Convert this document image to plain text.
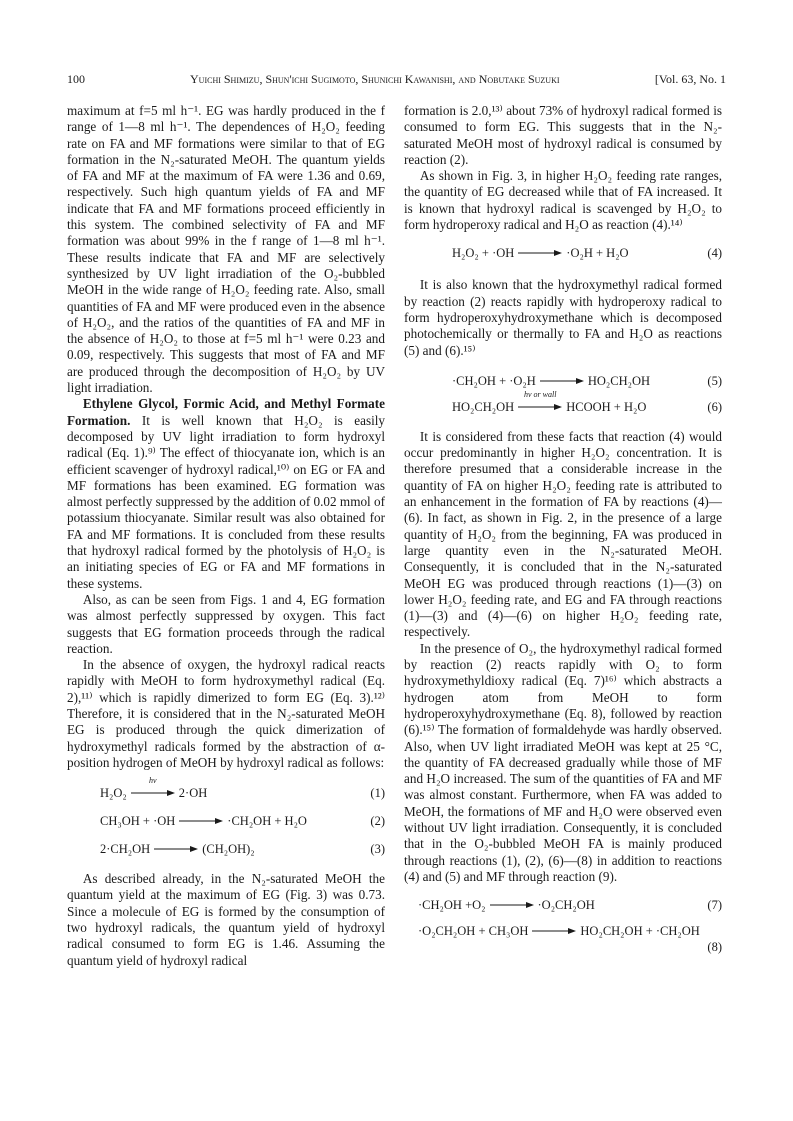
100	Yuichi Shimizu, Shun'ichi Sugimoto, Shunichi Kawanishi, and Nobutake Suzuki	[Vol. 63, No. 1

maximum at f=5 ml h⁻¹. EG was hardly produced in the f range of 1—8 ml h⁻¹. The dependences of H₂O₂ feeding rate on FA and MF formations were similar to that of EG formation in the N₂-saturated MeOH. The quantum yields of FA and MF at the maximum of FA were 1.36 and 0.69, respectively. Such high quantum yields of FA and MF indicate that FA and MF formations proceed efficiently in this system. The combined selectivity of FA and MF formation was about 99% in the f range of 1—8 ml h⁻¹. These results indicate that FA and MF are selectively synthesized by UV light irradiation of the O₂-bubbled MeOH in the wide range of H₂O₂ feeding rate. Also, small quantities of FA and MF were produced even in the absence of H₂O₂, and the ratios of the quantities of FA and MF in the absence of H₂O₂ to those at f=5 ml h⁻¹ were 0.23 and 0.09, respectively. This suggests that most of FA and MF are produced through the decomposition of H₂O₂ by UV light irradiation.

Ethylene Glycol, Formic Acid, and Methyl Formate Formation. It is well known that H₂O₂ is easily decomposed by UV light irradiation to form hydroxyl radical (Eq. 1).⁹⁾ The effect of thiocyanate ion, which is an efficient scavenger of hydroxyl radical,¹⁰⁾ on EG or FA and MF formations has been examined. EG formation was almost perfectly suppressed by the addition of 0.02 mmol of potassium thiocyanate. Similar result was also obtained for FA and MF formations. It is concluded from these results that hydroxyl radical formed by the photolysis of H₂O₂ is an initiating species of EG or FA and MF formations in these systems.

Also, as can be seen from Figs. 1 and 4, EG formation was almost perfectly suppressed by oxygen. This fact suggests that EG formation proceeds through the radical reaction.

In the absence of oxygen, the hydroxyl radical reacts rapidly with MeOH to form hydroxymethyl radical (Eq. 2),¹¹⁾ which is rapidly dimerized to form EG (Eq. 3).¹²⁾ Therefore, it is considered that in the N₂-saturated MeOH EG is produced through the quick dimerization of hydroxymethyl radicals formed by the abstraction of α-position hydrogen of MeOH by hydroxyl radical as follows:

H₂O₂
hν
2·OH	(1)
CH₃OH + ·OH → ·CH₂OH + H₂O	(2)
2·CH₂OH → (CH₂OH)₂	(3)

As described already, in the N₂-saturated MeOH the quantum yield at the maximum of EG (Fig. 3) was 0.73. Since a molecule of EG is formed by the consumption of two hydroxyl radicals, the quantum yield of hydroxyl radical consumed to form EG is 1.46. Assuming the quantum yield of hydroxyl radical

formation is 2.0,¹³⁾ about 73% of hydroxyl radical formed is consumed to form EG. This suggests that in the N₂-saturated MeOH most of hydroxyl radical is consumed by reaction (2).

As shown in Fig. 3, in higher H₂O₂ feeding rate ranges, the quantity of EG decreased while that of FA increased. It is known that hydroxyl radical is scavenged by H₂O₂ to form hydroperoxy radical and H₂O as reaction (4).¹⁴⁾

H₂O₂ + ·OH → ·O₂H + H₂O	(4)

It is also known that the hydroxymethyl radical formed by reaction (2) reacts rapidly with hydroperoxy radical to form hydroperoxyhydroxymethane which is decomposed photochemically or thermally to FA and H₂O as reactions (5) and (6).¹⁵⁾

·CH₂OH + ·O₂H → HO₂CH₂OH	(5)
HO₂CH₂OH
hν or wall
HCOOH + H₂O	(6)

It is considered from these facts that reaction (4) would occur predominantly in higher H₂O₂ concentration. It is therefore presumed that a considerable increase in the quantity of FA on higher H₂O₂ feeding rate is attributed to an enhancement in the formation of FA by reactions (4)—(6). In fact, as shown in Fig. 2, in the presence of a large quantity of H₂O₂ from the beginning, FA was produced in large quantity even in the N₂-saturated MeOH. Consequently, it is concluded that in the N₂-saturated MeOH EG was produced through reactions (1)—(3) on lower H₂O₂ feeding rate, and EG and FA through reactions (1)—(3) and (4)—(6) on higher H₂O₂ feeding rate, respectively.

In the presence of O₂, the hydroxymethyl radical formed by reaction (2) reacts rapidly with O₂ to form hydroxymethyldioxy radical (Eq. 7)¹⁶⁾ which abstracts a hydrogen atom from MeOH to form hydroperoxyhydroxymethane (Eq. 8), followed by reaction (6).¹⁵⁾ The formation of formaldehyde was hardly observed. Also, when UV light irradiated MeOH was kept at 25 °C, the quantity of FA decreased gradually while those of MF and H₂O increased. The sum of the quantities of FA and MF was almost constant. Furthermore, when FA was added to MeOH, the formations of MF and H₂O were observed even without UV light irradiation. Consequently, it is concluded that in the O₂-bubbled MeOH FA is mainly produced through reactions (1), (2), (6)—(8) in addition to reactions (4) and (5) and MF through reaction (9).

·CH₂OH +O₂ → ·O₂CH₂OH	(7)
·O₂CH₂OH + CH₃OH → HO₂CH₂OH + ·CH₂OH
(8)
